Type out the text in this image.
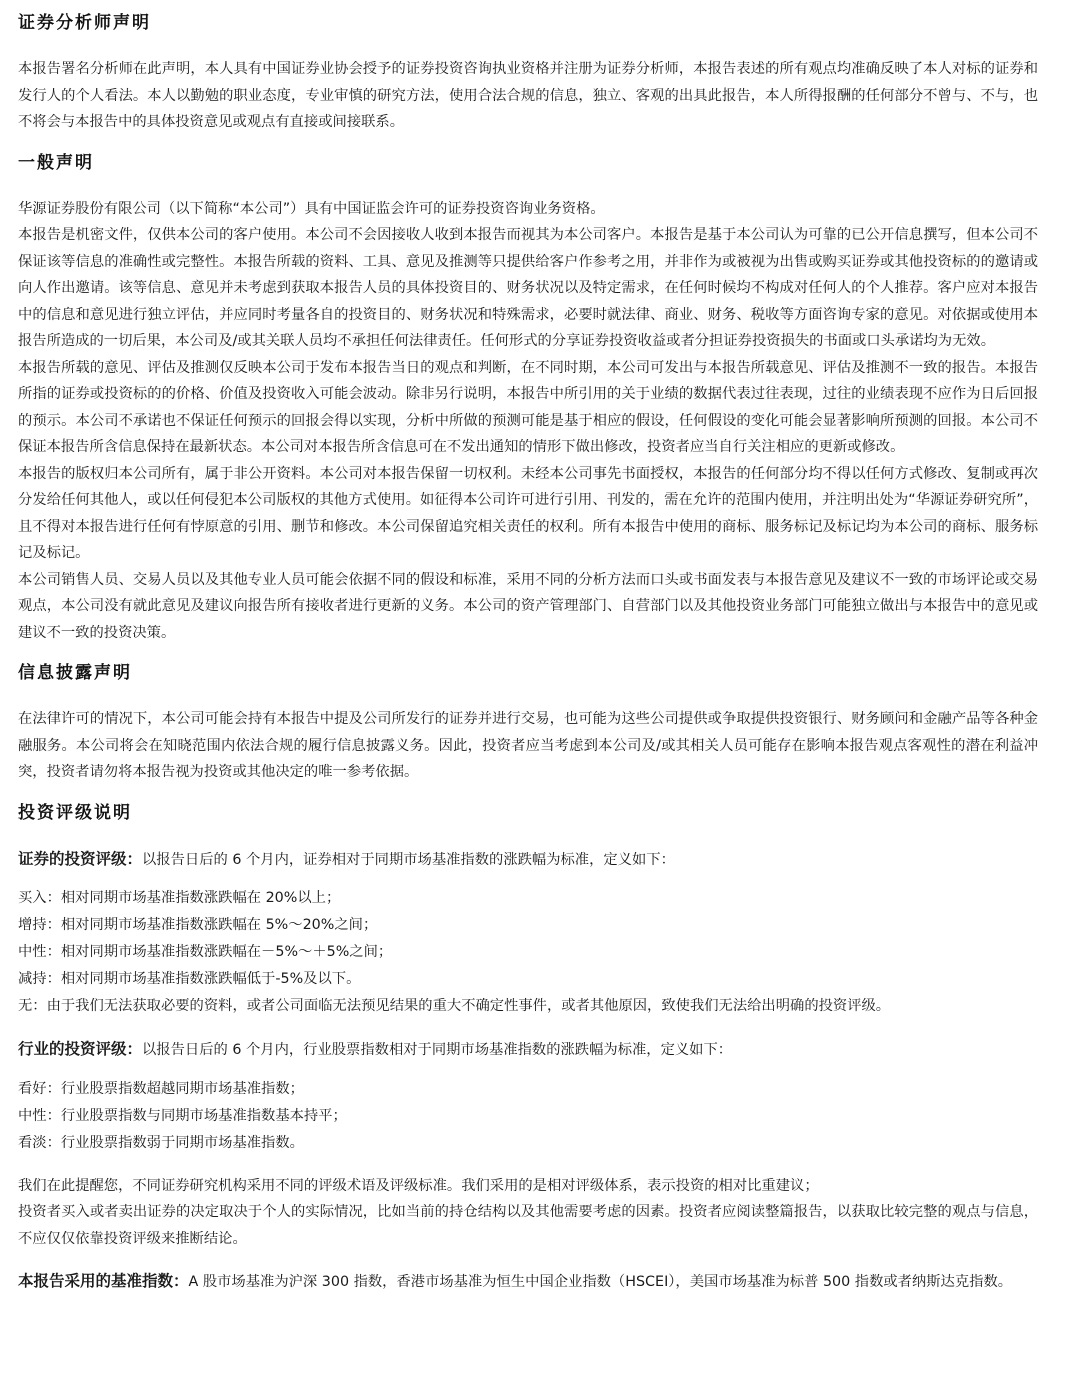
证券分析师声明

本报告署名分析师在此声明，本人具有中国证券业协会授予的证券投资咨询执业资格并注册为证券分析师，本报告表述的所有观点均准确反映了本人对标的证券和发行人的个人看法。本人以勤勉的职业态度，专业审慎的研究方法，使用合法合规的信息，独立、客观的出具此报告，本人所得报酬的任何部分不曾与、不与，也不将会与本报告中的具体投资意见或观点有直接或间接联系。

一般声明

华源证券股份有限公司（以下简称“本公司”）具有中国证监会许可的证券投资咨询业务资格。

本报告是机密文件，仅供本公司的客户使用。本公司不会因接收人收到本报告而视其为本公司客户。本报告是基于本公司认为可靠的已公开信息撰写，但本公司不保证该等信息的准确性或完整性。本报告所载的资料、工具、意见及推测等只提供给客户作参考之用，并非作为或被视为出售或购买证券或其他投资标的的邀请或向人作出邀请。该等信息、意见并未考虑到获取本报告人员的具体投资目的、财务状况以及特定需求，在任何时候均不构成对任何人的个人推荐。客户应对本报告中的信息和意见进行独立评估，并应同时考量各自的投资目的、财务状况和特殊需求，必要时就法律、商业、财务、税收等方面咨询专家的意见。对依据或使用本报告所造成的一切后果，本公司及/或其关联人员均不承担任何法律责任。任何形式的分享证券投资收益或者分担证券投资损失的书面或口头承诺均为无效。

本报告所载的意见、评估及推测仅反映本公司于发布本报告当日的观点和判断，在不同时期，本公司可发出与本报告所载意见、评估及推测不一致的报告。本报告所指的证券或投资标的的价格、价值及投资收入可能会波动。除非另行说明，本报告中所引用的关于业绩的数据代表过往表现，过往的业绩表现不应作为日后回报的预示。本公司不承诺也不保证任何预示的回报会得以实现，分析中所做的预测可能是基于相应的假设，任何假设的变化可能会显著影响所预测的回报。本公司不保证本报告所含信息保持在最新状态。本公司对本报告所含信息可在不发出通知的情形下做出修改，投资者应当自行关注相应的更新或修改。

本报告的版权归本公司所有，属于非公开资料。本公司对本报告保留一切权利。未经本公司事先书面授权，本报告的任何部分均不得以任何方式修改、复制或再次分发给任何其他人，或以任何侵犯本公司版权的其他方式使用。如征得本公司许可进行引用、刊发的，需在允许的范围内使用，并注明出处为“华源证券研究所”，且不得对本报告进行任何有悖原意的引用、删节和修改。本公司保留追究相关责任的权利。所有本报告中使用的商标、服务标记及标记均为本公司的商标、服务标记及标记。

本公司销售人员、交易人员以及其他专业人员可能会依据不同的假设和标准，采用不同的分析方法而口头或书面发表与本报告意见及建议不一致的市场评论或交易观点，本公司没有就此意见及建议向报告所有接收者进行更新的义务。本公司的资产管理部门、自营部门以及其他投资业务部门可能独立做出与本报告中的意见或建议不一致的投资决策。

信息披露声明

在法律许可的情况下，本公司可能会持有本报告中提及公司所发行的证券并进行交易，也可能为这些公司提供或争取提供投资银行、财务顾问和金融产品等各种金融服务。本公司将会在知晓范围内依法合规的履行信息披露义务。因此，投资者应当考虑到本公司及/或其相关人员可能存在影响本报告观点客观性的潜在利益冲突，投资者请勿将本报告视为投资或其他决定的唯一参考依据。

投资评级说明

证券的投资评级：以报告日后的 6 个月内，证券相对于同期市场基准指数的涨跌幅为标准，定义如下：

买入：相对同期市场基准指数涨跌幅在 20%以上；
增持：相对同期市场基准指数涨跌幅在 5%～20%之间；
中性：相对同期市场基准指数涨跌幅在－5%～＋5%之间；
减持：相对同期市场基准指数涨跌幅低于-5%及以下。
无：由于我们无法获取必要的资料，或者公司面临无法预见结果的重大不确定性事件，或者其他原因，致使我们无法给出明确的投资评级。

行业的投资评级：以报告日后的 6 个月内，行业股票指数相对于同期市场基准指数的涨跌幅为标准，定义如下：

看好：行业股票指数超越同期市场基准指数；
中性：行业股票指数与同期市场基准指数基本持平；
看淡：行业股票指数弱于同期市场基准指数。

我们在此提醒您，不同证券研究机构采用不同的评级术语及评级标准。我们采用的是相对评级体系，表示投资的相对比重建议；

投资者买入或者卖出证券的决定取决于个人的实际情况，比如当前的持仓结构以及其他需要考虑的因素。投资者应阅读整篇报告，以获取比较完整的观点与信息，不应仅仅依靠投资评级来推断结论。

本报告采用的基准指数：A 股市场基准为沪深 300 指数，香港市场基准为恒生中国企业指数（HSCEI），美国市场基准为标普 500 指数或者纳斯达克指数。
